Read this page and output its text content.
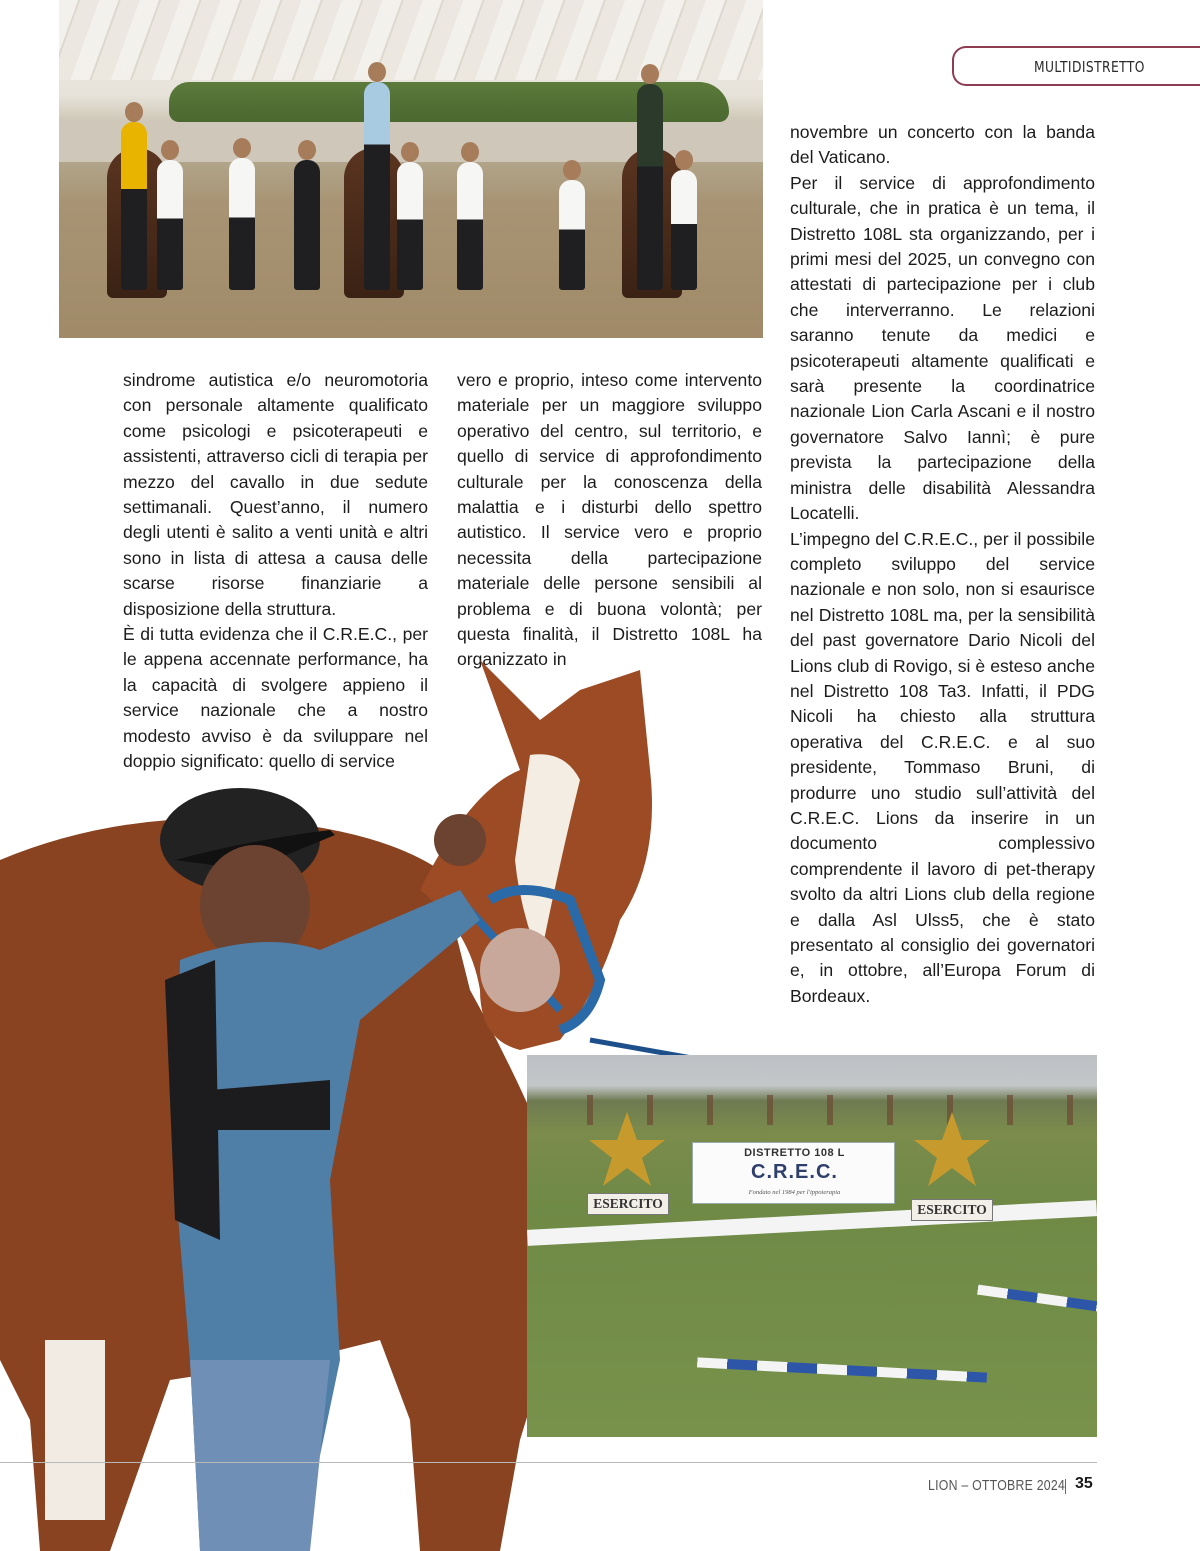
MULTIDISTRETTO

sindrome autistica e/o neuromotoria con personale altamente qualificato come psicologi e psicoterapeuti e assistenti, attraverso cicli di terapia per mezzo del cavallo in due sedute settimanali. Quest’anno, il numero degli utenti è salito a venti unità e altri sono in lista di attesa a causa delle scarse risorse finanziarie a disposizione della struttura.

vero e proprio, inteso come intervento materiale per un maggiore sviluppo operativo del centro, sul territorio, e quello di service di approfondimento culturale per la conoscenza della malattia e i disturbi dello spettro autistico. Il service vero e proprio necessita della partecipazione materiale delle persone sensibili al problema e di buona volontà; per questa finalità, il Distretto 108L ha organizzato in

È di tutta evidenza che il C.R.E.C., per le appena accennate performance, ha la capacità di svolgere appieno il service nazionale che a nostro modesto avviso è da sviluppare nel doppio significato: quello di service

novembre un concerto con la banda del Vaticano.

Per il service di approfondimento culturale, che in pratica è un tema, il Distretto 108L sta organizzando, per i primi mesi del 2025, un convegno con attestati di partecipazione per i club che interverranno. Le relazioni saranno tenute da medici e psicoterapeuti altamente qualificati e sarà presente la coordinatrice nazionale Lion Carla Ascani e il nostro governatore Salvo Iannì; è pure prevista la partecipazione della ministra delle disabilità Alessandra Locatelli.

L’impegno del C.R.E.C., per il possibile completo sviluppo del service nazionale e non solo, non si esaurisce nel Distretto 108L ma, per la sensibilità del past governatore Dario Nicoli del Lions club di Rovigo, si è esteso anche nel Distretto 108 Ta3. Infatti, il PDG Nicoli ha chiesto alla struttura operativa del C.R.E.C. e al suo presidente, Tommaso Bruni, di produrre uno studio sull’attività del C.R.E.C. Lions da inserire in un documento complessivo comprendente il lavoro di pet-therapy svolto da altri Lions club della regione e dalla Asl Ulss5, che è stato presentato al consiglio dei governatori e, in ottobre, all’Europa Forum di Bordeaux.

ESERCITO	ESERCITO
DISTRETTO 108 L
C.R.E.C.
Fondato nel 1984 per l'ippoterapia
LION – OTTOBRE 2024 35
